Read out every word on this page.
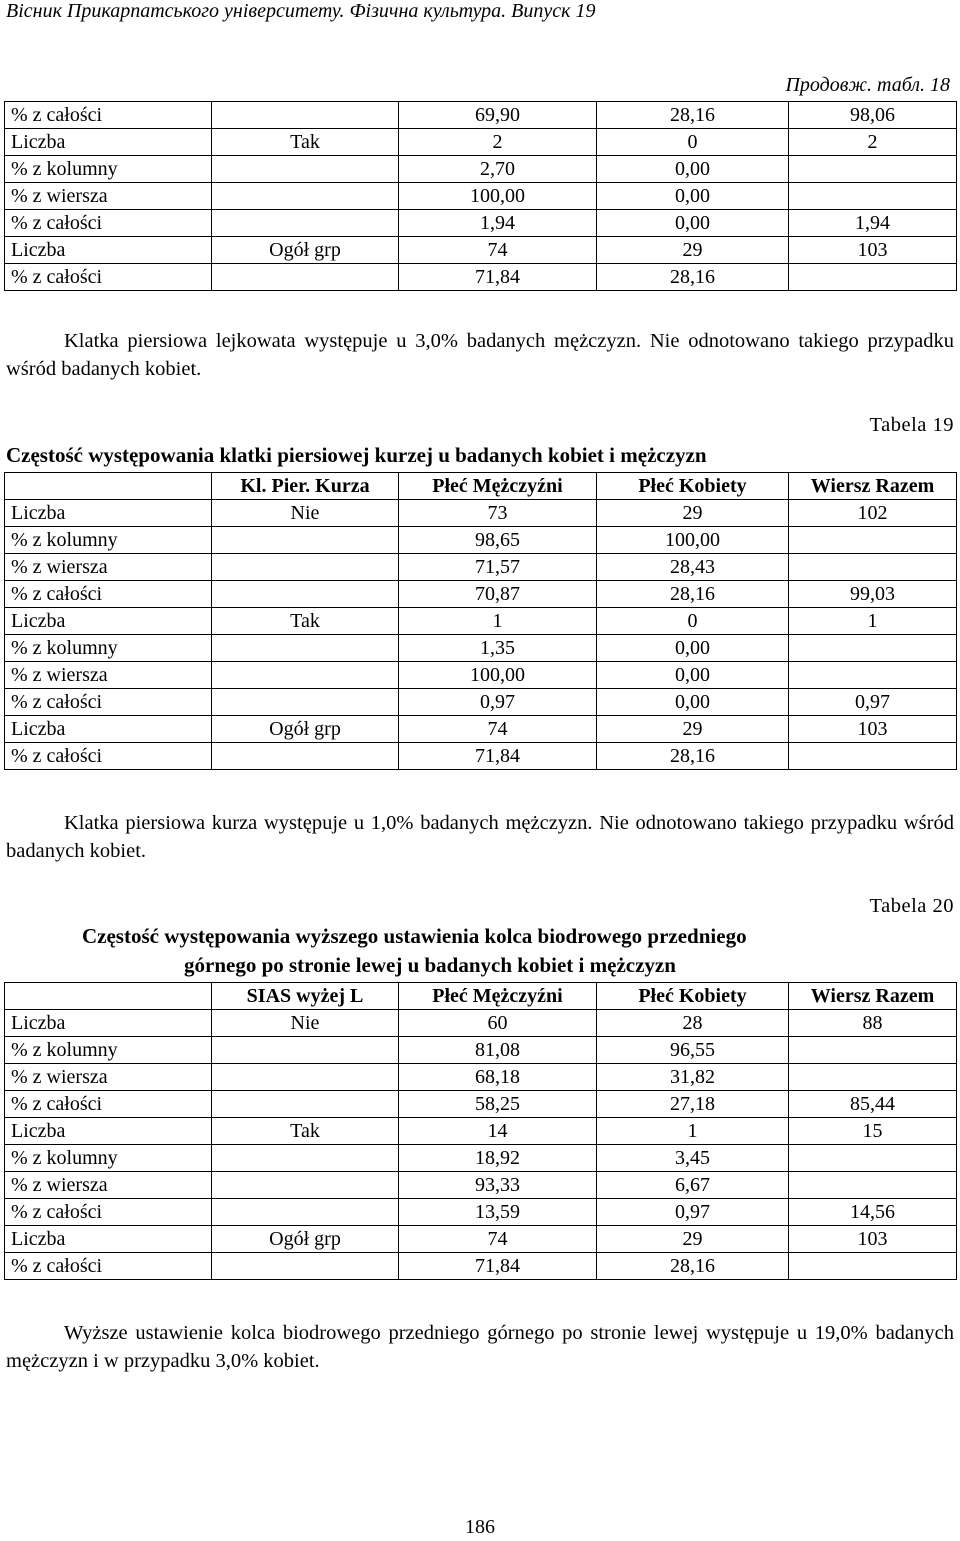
Вісник Прикарпатського університету. Фізична культура. Випуск 19
Продовж. табл. 18
% z całości		69,90	28,16	98,06
Liczba	Tak	2	0	2
% z kolumny		2,70	0,00	
% z wiersza		100,00	0,00	
% z całości		1,94	0,00	1,94
Liczba	Ogół grp	74	29	103
% z całości		71,84	28,16	

Klatka piersiowa lejkowata występuje u 3,0% badanych mężczyzn. Nie odnotowano takiego przypadku wśród badanych kobiet.

Tabela 19
Częstość występowania klatki piersiowej kurzej u badanych kobiet i mężczyzn
	Kl. Pier. Kurza	Płeć Mężczyźni	Płeć Kobiety	Wiersz Razem
Liczba	Nie	73	29	102
% z kolumny		98,65	100,00	
% z wiersza		71,57	28,43	
% z całości		70,87	28,16	99,03
Liczba	Tak	1	0	1
% z kolumny		1,35	0,00	
% z wiersza		100,00	0,00	
% z całości		0,97	0,00	0,97
Liczba	Ogół grp	74	29	103
% z całości		71,84	28,16	

Klatka piersiowa kurza występuje u 1,0% badanych mężczyzn. Nie odnotowano takiego przypadku wśród badanych kobiet.

Tabela 20
Częstość występowania wyższego ustawienia kolca biodrowego przedniego
górnego po stronie lewej u badanych kobiet i mężczyzn
	SIAS wyżej L	Płeć Mężczyźni	Płeć Kobiety	Wiersz Razem
Liczba	Nie	60	28	88
% z kolumny		81,08	96,55	
% z wiersza		68,18	31,82	
% z całości		58,25	27,18	85,44
Liczba	Tak	14	1	15
% z kolumny		18,92	3,45	
% z wiersza		93,33	6,67	
% z całości		13,59	0,97	14,56
Liczba	Ogół grp	74	29	103
% z całości		71,84	28,16	

Wyższe ustawienie kolca biodrowego przedniego górnego po stronie lewej występuje u 19,0% badanych mężczyzn i w przypadku 3,0% kobiet.

186
